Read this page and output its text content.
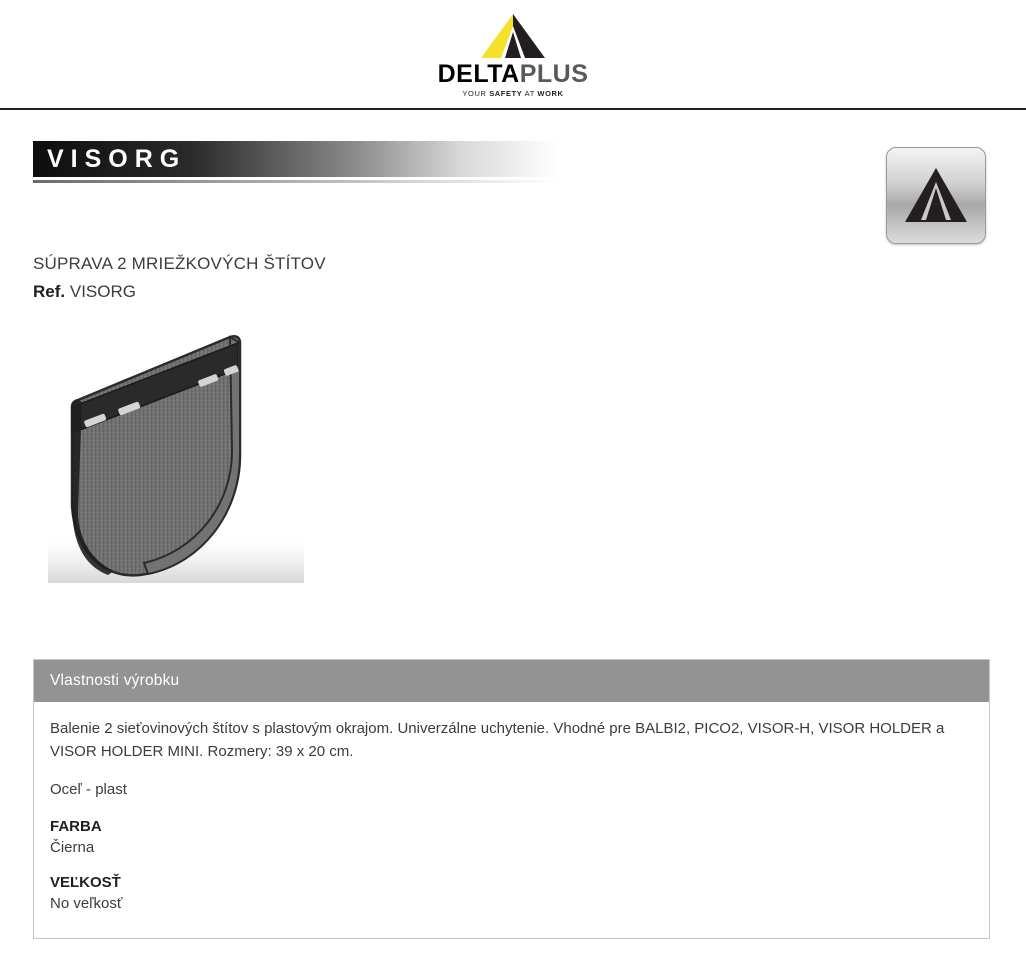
DELTAPLUS
YOUR SAFETY AT WORK
VISORG
SÚPRAVA 2 MRIEŽKOVÝCH ŠTÍTOV
Ref. VISORG
Vlastnosti výrobku

Balenie 2 sieťovinových štítov s plastovým okrajom. Univerzálne uchytenie. Vhodné pre BALBI2, PICO2, VISOR-H, VISOR HOLDER a VISOR HOLDER MINI. Rozmery: 39 x 20 cm.

Oceľ - plast

FARBA

Čierna

VEĽKOSŤ

No veľkosť
